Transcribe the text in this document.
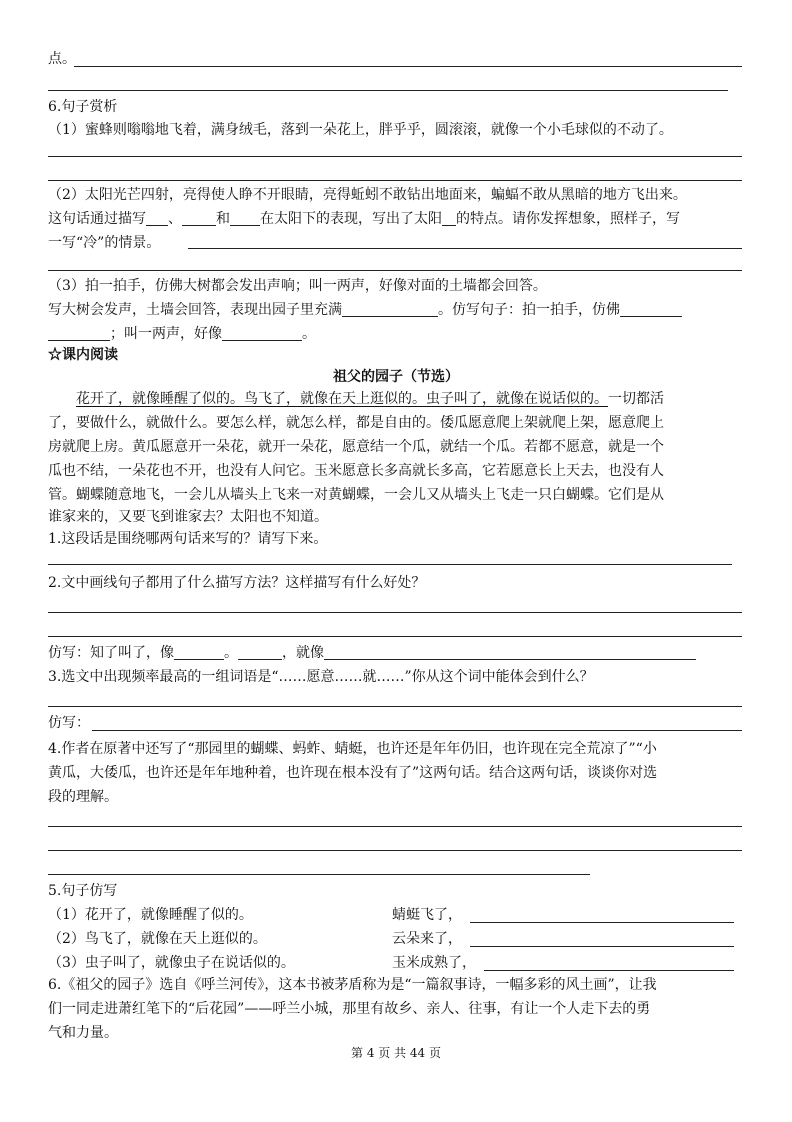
点。
6.句子赏析
（1）蜜蜂则嗡嗡地飞着，满身绒毛，落到一朵花上，胖乎乎，圆滚滚，就像一个小毛球似的不动了。
（2）太阳光芒四射，亮得使人睁不开眼睛，亮得蚯蚓不敢钻出地面来，蝙蝠不敢从黑暗的地方飞出来。
这句话通过描写 、 和 在太阳下的表现，写出了太阳 的特点。请你发挥想象，照样子，写
一写“冷”的情景。
（3）拍一拍手，仿佛大树都会发出声响；叫一两声，好像对面的土墙都会回答。
写大树会发声，土墙会回答，表现出园子里充满	。仿写句子：拍一拍手，仿佛
；叫一两声，好像	。
☆课内阅读
祖父的园子（节选）
花开了，就像睡醒了似的。鸟飞了，就像在天上逛似的。虫子叫了，就像在说话似的。一切都活
了，要做什么，就做什么。要怎么样，就怎么样，都是自由的。倭瓜愿意爬上架就爬上架，愿意爬上
房就爬上房。黄瓜愿意开一朵花，就开一朵花，愿意结一个瓜，就结一个瓜。若都不愿意，就是一个
瓜也不结，一朵花也不开，也没有人问它。玉米愿意长多高就长多高，它若愿意长上天去，也没有人
管。蝴蝶随意地飞，一会儿从墙头上飞来一对黄蝴蝶，一会儿又从墙头上飞走一只白蝴蝶。它们是从
谁家来的，又要飞到谁家去？太阳也不知道。
1.这段话是围绕哪两句话来写的？请写下来。
2.文中画线句子都用了什么描写方法？这样描写有什么好处？
仿写：知了叫了，像	。	，就像
3.选文中出现频率最高的一组词语是“……愿意……就……”你从这个词中能体会到什么？
仿写：
4.作者在原著中还写了“那园里的蝴蝶、蚂蚱、蜻蜓，也许还是年年仍旧，也许现在完全荒凉了”“小
黄瓜，大倭瓜，也许还是年年地种着，也许现在根本没有了”这两句话。结合这两句话，谈谈你对选
段的理解。
5.句子仿写
（1）花开了，就像睡醒了似的。	蜻蜓飞了，
（2）鸟飞了，就像在天上逛似的。	云朵来了，
（3）虫子叫了，就像虫子在说话似的。	玉米成熟了，
6.《祖父的园子》选自《呼兰河传》，这本书被茅盾称为是“一篇叙事诗，一幅多彩的风土画”，让我
们一同走进萧红笔下的“后花园”——呼兰小城，那里有故乡、亲人、往事，有让一个人走下去的勇
气和力量。
第 4 页 共 44 页
